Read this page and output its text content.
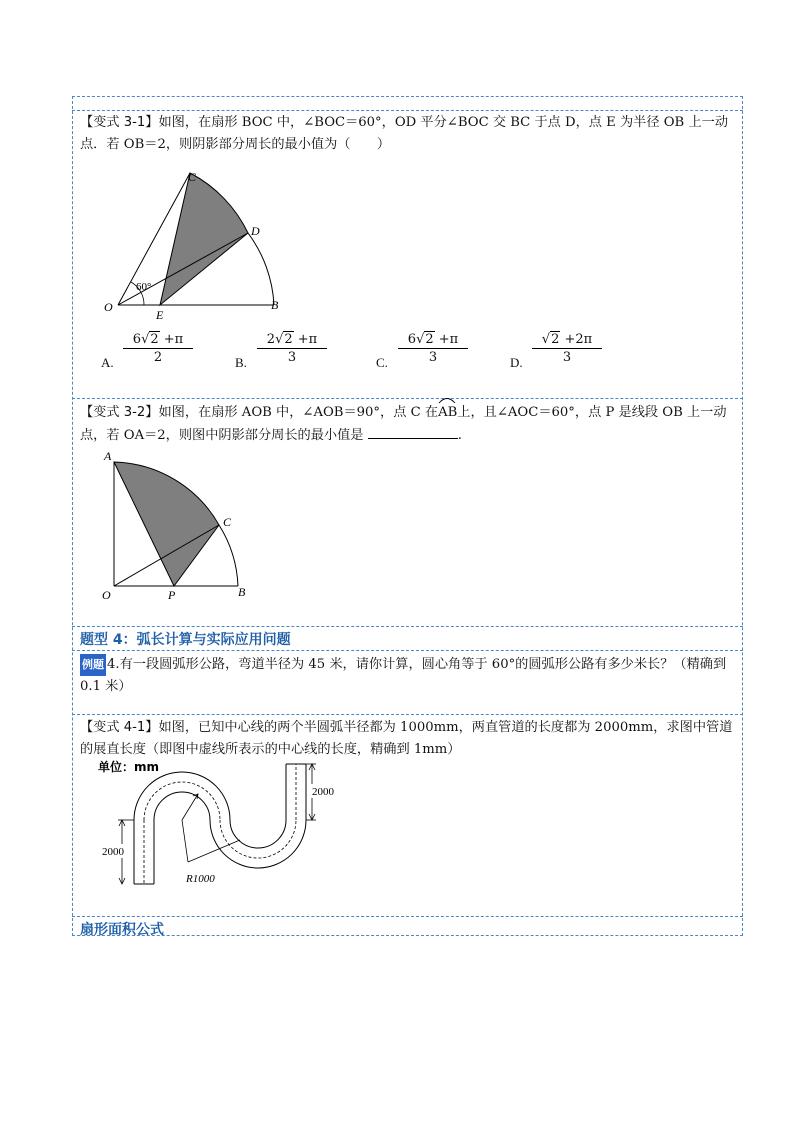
【变式 3-1】如图，在扇形 BOC 中，∠BOC＝60°，OD 平分∠BOC 交 BC 于点 D，点 E 为半径 OB 上一动点．若 OB＝2，则阴影部分周长的最小值为（　　）
C
D
O
E
B
60°
A. $\frac{6√2 +\pi}{2}$	B. $\frac{2√2 +\pi}{3}$	C. $\frac{6√2 +\pi}{3}$	D. $\frac{√2 +2\pi}{3}$
【变式 3-2】如图，在扇形 AOB 中，∠AOB＝90°，点 C 在
AB上，且∠AOC＝60°，点 P 是线段 OB 上一动点，若 OA＝2，则图中阴影部分周长的最小值是	.
A
C
O	P	B
题型 4：弧长计算与实际应用问题
例题 4.有一段圆弧形公路，弯道半径为 45 米，请你计算，圆心角等于 60°的圆弧形公路有多少米长？（精确到 0.1 米）
【变式 4-1】如图，已知中心线的两个半圆弧半径都为 1000mm，两直管道的长度都为 2000mm，求图中管道的展直长度（即图中虚线所表示的中心线的长度，精确到 1mm）
单位：mm
2000
2000
R1000
扇形面积公式
